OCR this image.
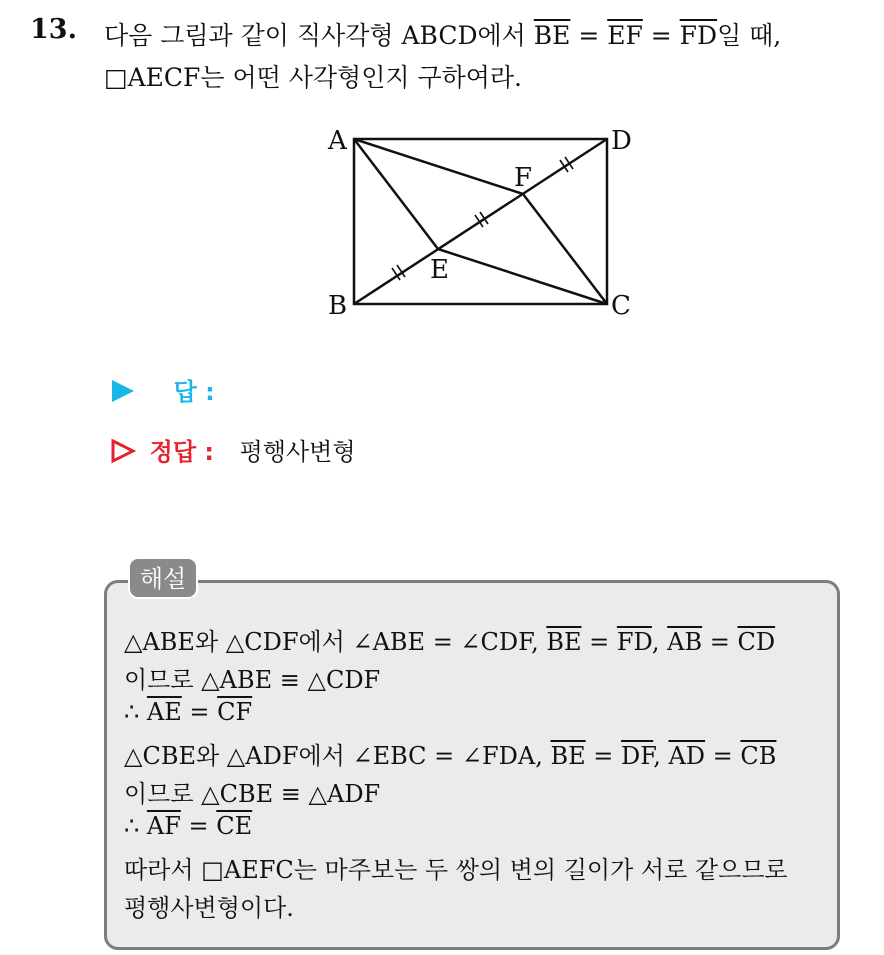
13. 다음 그림과 같이 직사각형 ABCD에서 $\overline{BE} = \overline{EF} = \overline{FD}$일 때,
□AECF는 어떤 사각형인지 구하여라.
A	D
B	C
E
F
답 :
정답 : 평행사변형
해설
△ABE와 △CDF에서 ∠ABE = ∠CDF, $\overline{BE} = \overline{FD}$, $\overline{AB} = \overline{CD}$
이므로 △ABE ≡ △CDF
∴ $\overline{AE} = \overline{CF}$
△CBE와 △ADF에서 ∠EBC = ∠FDA, $\overline{BE} = \overline{DF}$, $\overline{AD} = \overline{CB}$
이므로 △CBE ≡ △ADF
∴ $\overline{AF} = \overline{CE}$
따라서 □AEFC는 마주보는 두 쌍의 변의 길이가 서로 같으므로
평행사변형이다.
